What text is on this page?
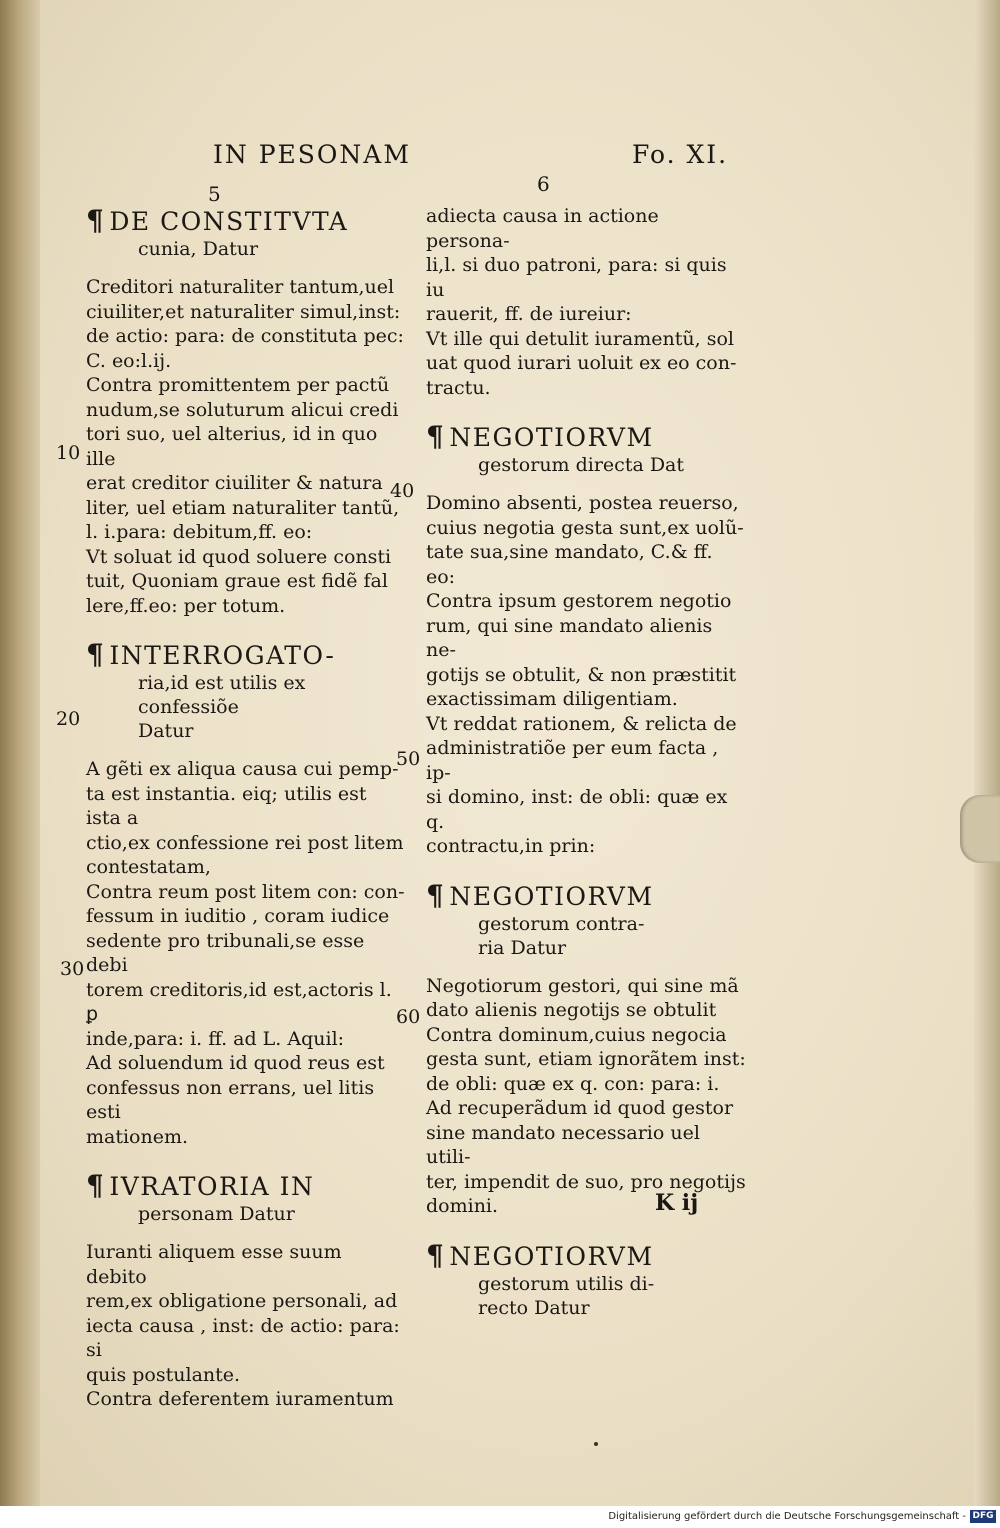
IN PESONAM	Fo. XI.
5	6

¶ DE CONSTITVTA

cunia, Datur

Creditori naturaliter tantum,uel

ciuiliter,et naturaliter simul,inst:

de actio: para: de constituta pec:

C. eo:l.ij.

Contra promittentem per pactũ

nudum,se soluturum alicui credi

tori suo, uel alterius, id in quo ille

erat creditor ciuiliter & natura

liter, uel etiam naturaliter tantũ,

l. i.para: debitum,ff. eo:

Vt soluat id quod soluere consti

tuit, Quoniam graue est fidẽ fal

lere,ff.eo: per totum.

¶ INTERROGATO-

ria,id est utilis ex confessiõe

Datur

A gẽti ex aliqua causa cui pemp-

ta est instantia. eiq; utilis est ista a

ctio,ex confessione rei post litem

contestatam,

Contra reum post litem con: con-

fessum in iuditio , coram iudice

sedente pro tribunali,se esse debi

torem creditoris,id est,actoris l. ꝑ

inde,para: i. ff. ad L. Aquil:

Ad soluendum id quod reus est

confessus non errans, uel litis esti

mationem.

¶ IVRATORIA IN

personam Datur

Iuranti aliquem esse suum debito

rem,ex obligatione personali, ad

iecta causa , inst: de actio: para: si

quis postulante.

Contra deferentem iuramentum

adiecta causa in actione persona-

li,l. si duo patroni, para: si quis iu

rauerit, ff. de iureiur:

Vt ille qui detulit iuramentũ, sol

uat quod iurari uoluit ex eo con-

tractu.

¶ NEGOTIORVM

gestorum directa Dat

Domino absenti, postea reuerso,

cuius negotia gesta sunt,ex uolũ-

tate sua,sine mandato, C.& ff. eo:

Contra ipsum gestorem negotio

rum, qui sine mandato alienis ne-

gotijs se obtulit, & non præstitit

exactissimam diligentiam.

Vt reddat rationem, & relicta de

administratiõe per eum facta , ip-

si domino, inst: de obli: quæ ex q.

contractu,in prin:

¶ NEGOTIORVM

gestorum contra-

ria Datur

Negotiorum gestori, qui sine mã

dato alienis negotijs se obtulit

Contra dominum,cuius negocia

gesta sunt, etiam ignorãtem inst:

de obli: quæ ex q. con: para: i.

Ad recuperãdum id quod gestor

sine mandato necessario uel utili-

ter, impendit de suo, pro negotijs

domini.

¶ NEGOTIORVM

gestorum utilis di-

recto Datur

10
20
30
40
50
60
K ĳ
Digitalisierung gefördert durch die Deutsche Forschungsgemeinschaft - DFG
